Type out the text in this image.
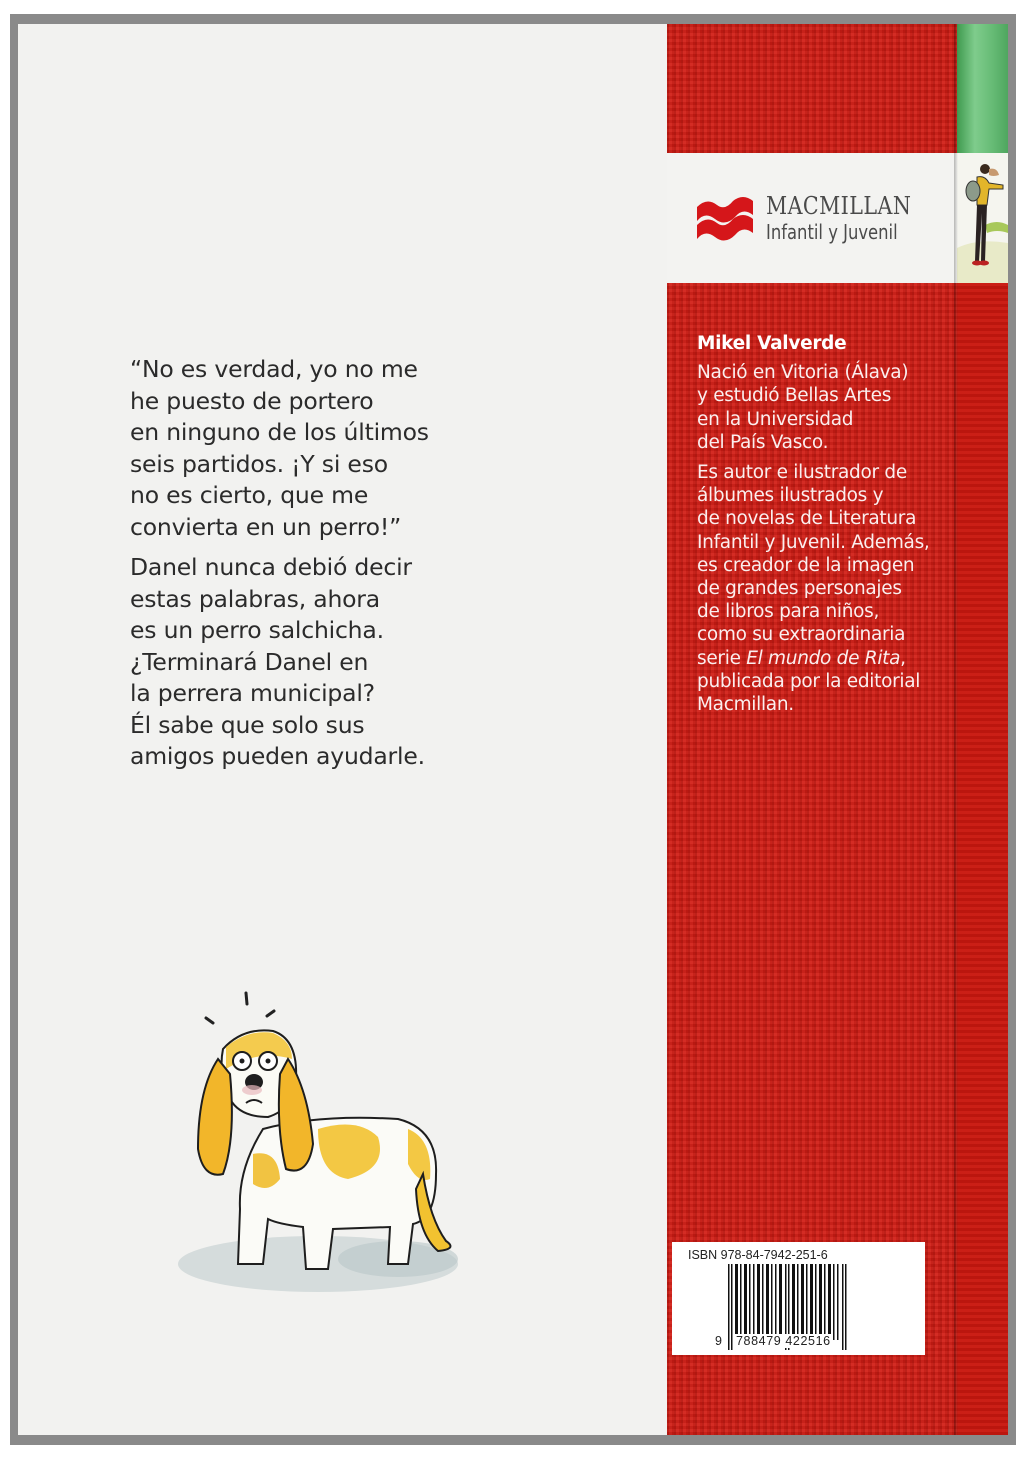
“No es verdad, yo no me
he puesto de portero
en ninguno de los últimos
seis partidos. ¡Y si eso
no es cierto, que me
convierta en un perro!”

Danel nunca debió decir
estas palabras, ahora
es un perro salchicha.
¿Terminará Danel en
la perrera municipal?
Él sabe que solo sus
amigos pueden ayudarle.

MACMILLAN
Infantil y Juvenil
Mikel Valverde

Nació en Vitoria (Álava)
y estudió Bellas Artes
en la Universidad
del País Vasco.

Es autor e ilustrador de
álbumes ilustrados y
de novelas de Literatura
Infantil y Juvenil. Además,
es creador de la imagen
de grandes personajes
de libros para niños,
como su extraordinaria
serie El mundo de Rita,
publicada por la editorial
Macmillan.

ISBN 978-84-7942-251-6
9 788479 422516
